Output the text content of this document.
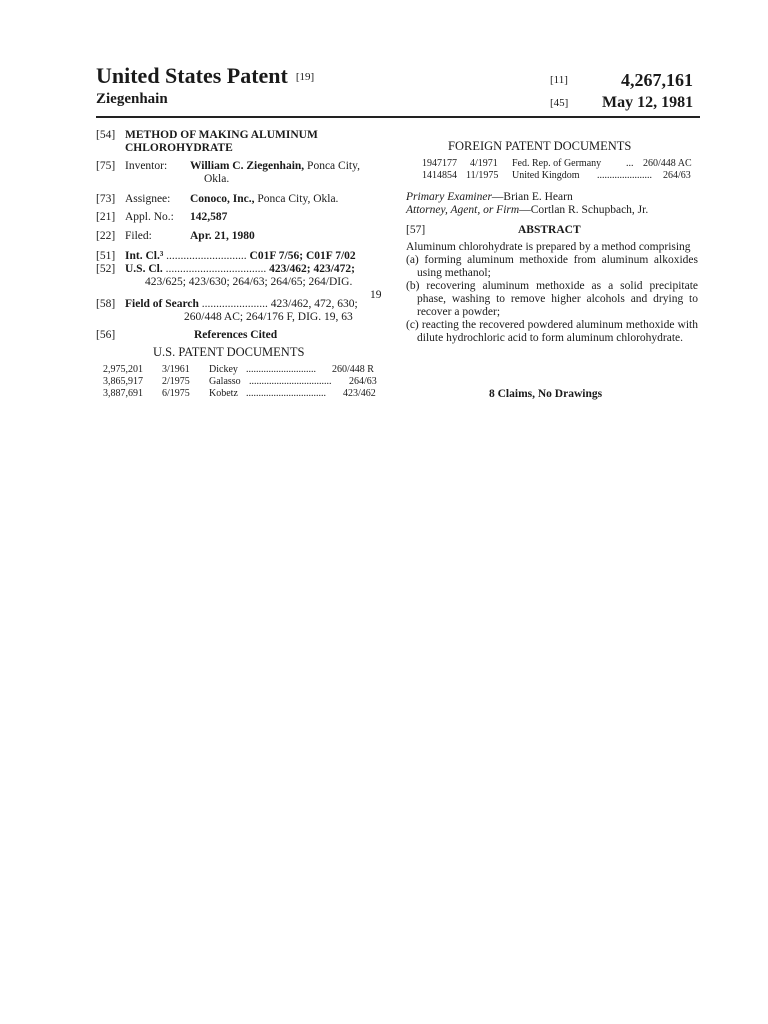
United States Patent [19]
Ziegenhain
[11]	4,267,161
[45] May 12, 1981
[54] METHOD OF MAKING ALUMINUM
CHLOROHYDRATE
[75] Inventor: William C. Ziegenhain, Ponca City,
Okla.
[73] Assignee: Conoco, Inc., Ponca City, Okla.
[21] Appl. No.: 142,587
[22] Filed:	Apr. 21, 1980
[51] Int. Cl.³ ............................ C01F 7/56; C01F 7/02
[52] U.S. Cl. ................................... 423/462; 423/472;
423/625; 423/630; 264/63; 264/65; 264/DIG.
19
[58] Field of Search ....................... 423/462, 472, 630;
260/448 AC; 264/176 F, DIG. 19, 63
[56]	References Cited
U.S. PATENT DOCUMENTS
2,975,201 3/1961 Dickey ............................ 260/448 R
3,865,917 2/1975 Galasso ................................. 264/63
3,887,691 6/1975 Kobetz ................................ 423/462
FOREIGN PATENT DOCUMENTS
1947177 4/1971 Fed. Rep. of Germany ... 260/448 AC
1414854 11/1975 United Kingdom ...................... 264/63
Primary Examiner—Brian E. Hearn
Attorney, Agent, or Firm—Cortlan R. Schupbach, Jr.
[57]	ABSTRACT

Aluminum chlorohydrate is prepared by a method comprising

(a) forming aluminum methoxide from aluminum alkoxides using methanol;

(b) recovering aluminum methoxide as a solid precipitate phase, washing to remove higher alcohols and drying to recover a powder;

(c) reacting the recovered powdered aluminum methoxide with dilute hydrochloric acid to form aluminum chlorohydrate.

8 Claims, No Drawings
